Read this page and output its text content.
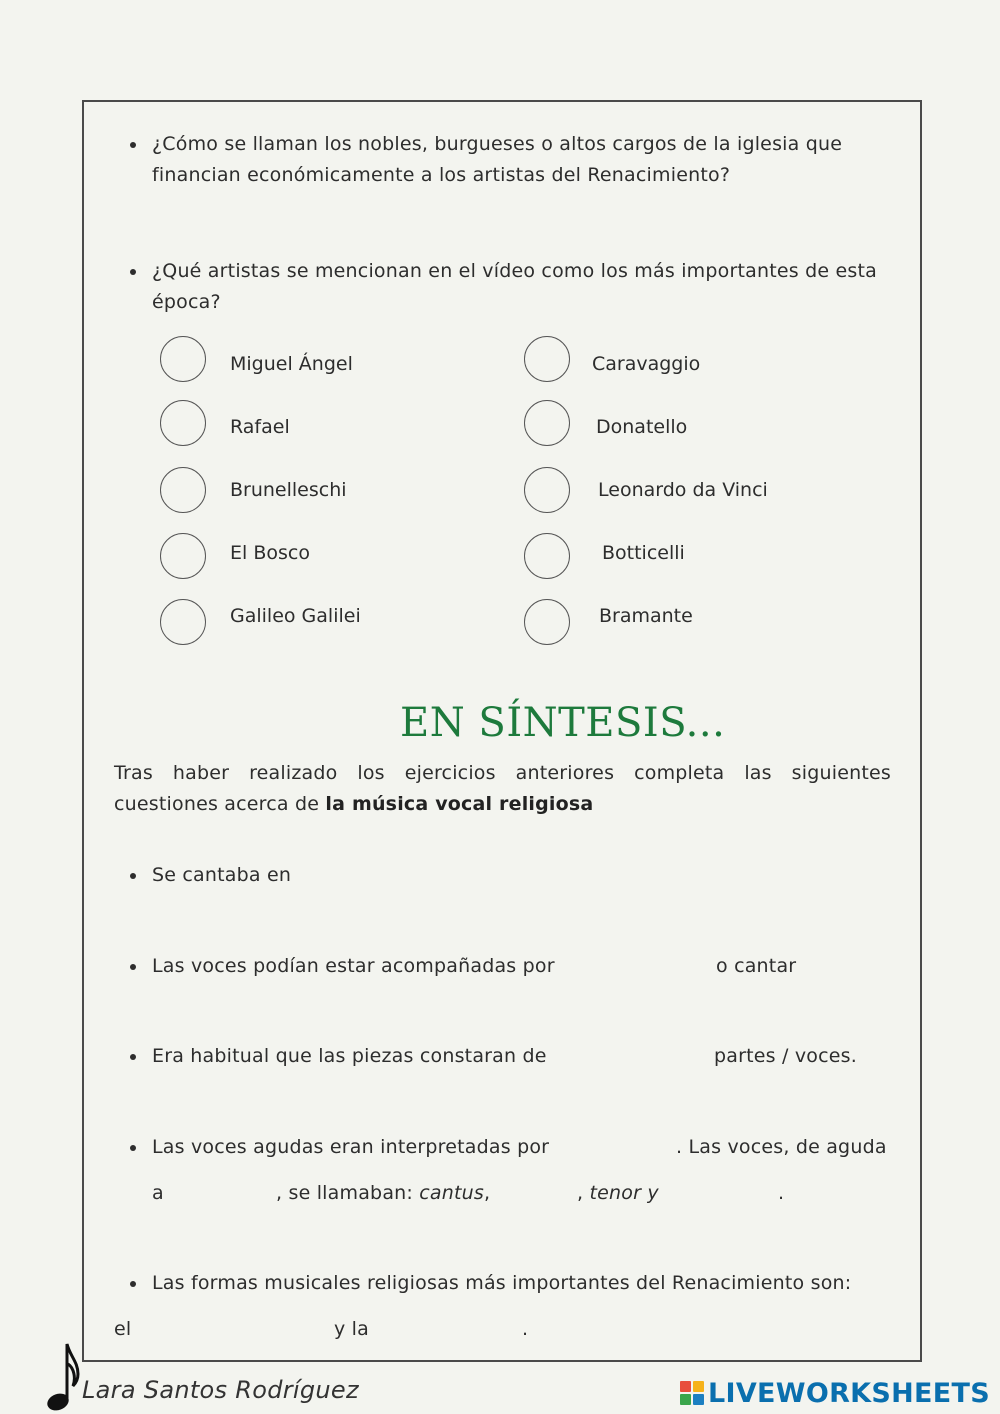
¿Cómo se llaman los nobles, burgueses o altos cargos de la iglesia que
financian económicamente a los artistas del Renacimiento?
¿Qué artistas se mencionan en el vídeo como los más importantes de esta
época?
Miguel Ángel
Rafael
Brunelleschi
El Bosco
Galileo Galilei
Caravaggio
Donatello
Leonardo da Vinci
Botticelli
Bramante
EN SÍNTESIS...
Tras haber realizado los ejercicios anteriores completa las siguientes
cuestiones acerca de la música vocal religiosa
Se cantaba en
Las voces podían estar acompañadas por	o cantar
Era habitual que las piezas constaran de	partes / voces.
Las voces agudas eran interpretadas por	. Las voces, de aguda
a	, se llamaban: cantus,	, tenor y	.
Las formas musicales religiosas más importantes del Renacimiento son:
el	y la	.
Lara Santos Rodríguez	LIVEWORKSHEETS
